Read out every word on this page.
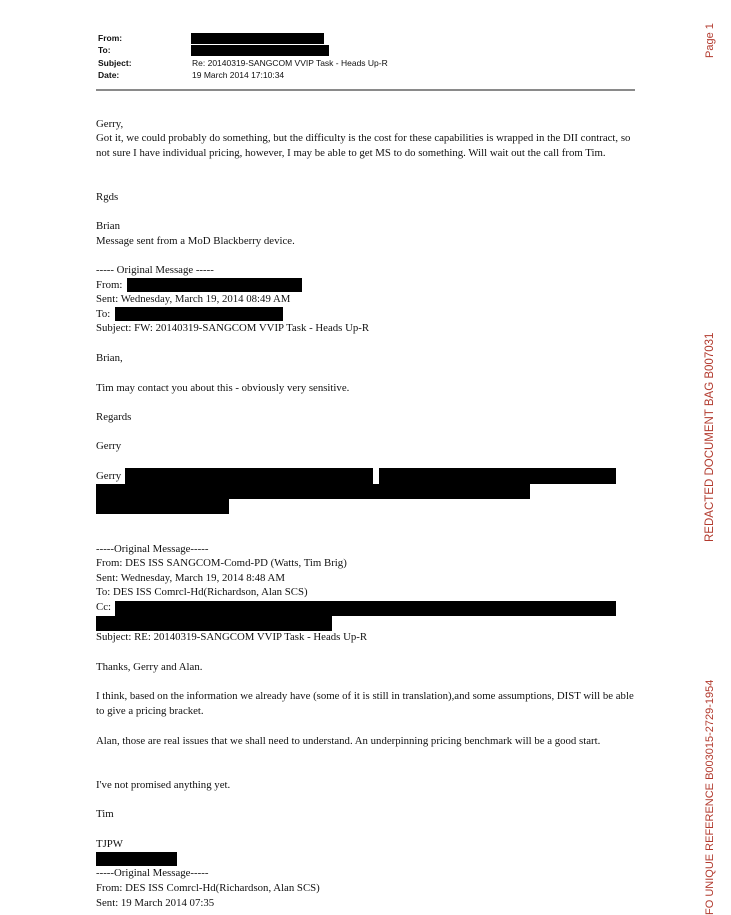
From:
To:
Subject:	Re: 20140319-SANGCOM VVIP Task - Heads Up-R
Date:	19 March 2014 17:10:34
Gerry,
Got it, we could probably do something, but the difficulty is the cost for these capabilities is wrapped in the DII contract, so not sure I have individual pricing, however, I may be able to get MS to do something. Will wait out the call from Tim.
Rgds
Brian
Message sent from a MoD Blackberry device.
----- Original Message -----
From:
Sent: Wednesday, March 19, 2014 08:49 AM
To:
Subject: FW: 20140319-SANGCOM VVIP Task - Heads Up-R
Brian,
Tim may contact you about this - obviously very sensitive.
Regards
Gerry
Gerry
-----Original Message-----
From: DES ISS SANGCOM-Comd-PD (Watts, Tim Brig)
Sent: Wednesday, March 19, 2014 8:48 AM
To: DES ISS Comrcl-Hd(Richardson, Alan SCS)
Cc:
Subject: RE: 20140319-SANGCOM VVIP Task - Heads Up-R
Thanks, Gerry and Alan.
I think, based on the information we already have (some of it is still in translation),and some assumptions, DIST will be able to give a pricing bracket.
Alan, those are real issues that we shall need to understand. An underpinning pricing benchmark will be a good start.
I've not promised anything yet.
Tim
TJPW
-----Original Message-----
From: DES ISS Comrcl-Hd(Richardson, Alan SCS)
Sent: 19 March 2014 07:35
Page 1
REDACTED DOCUMENT BAG B007031
FO UNIQUE REFERENCE B003015-2729-1954
